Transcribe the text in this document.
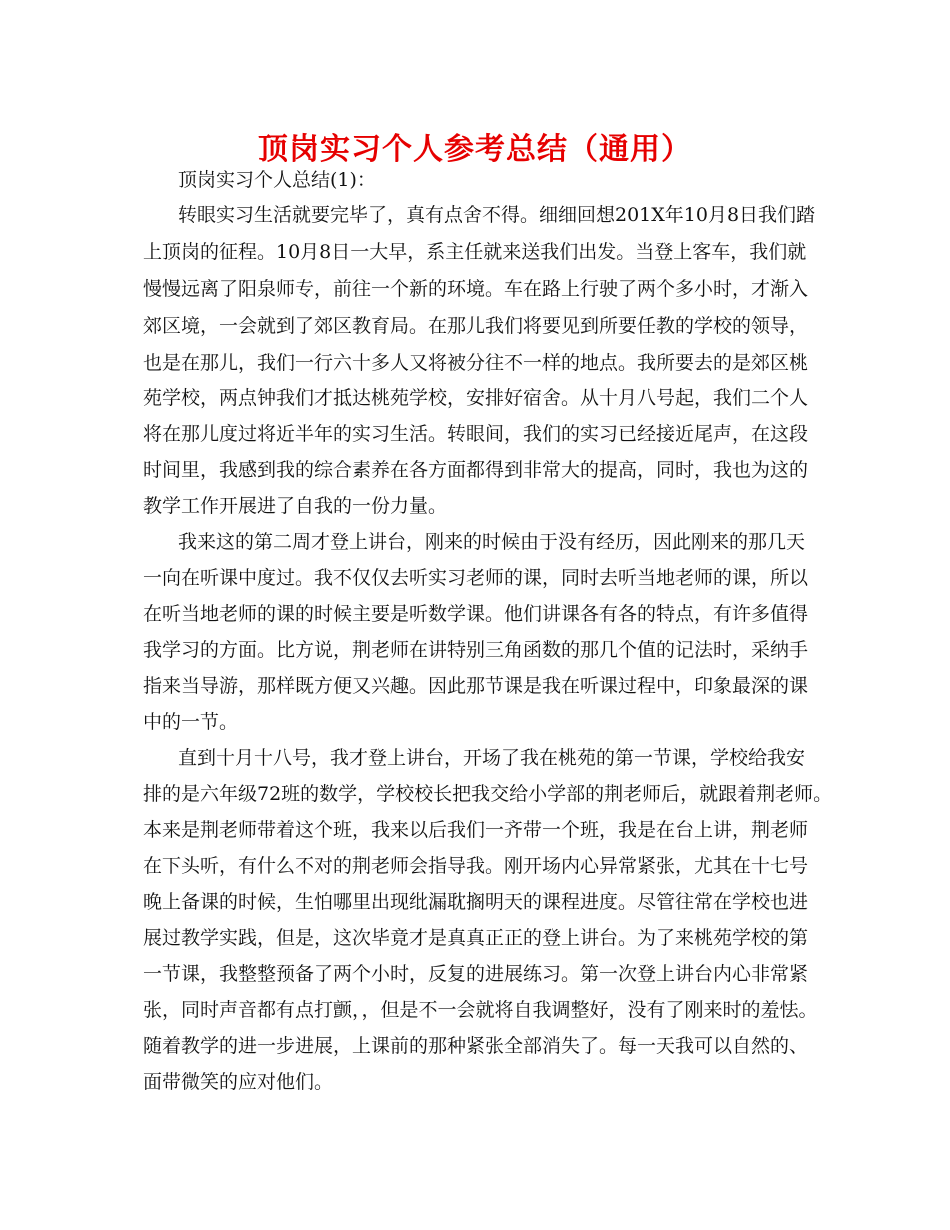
顶岗实习个人参考总结（通用）
顶岗实习个人总结(1)：
转眼实习生活就要完毕了，真有点舍不得。细细回想201X年10月8日我们踏
上顶岗的征程。10月8日一大早，系主任就来送我们出发。当登上客车，我们就
慢慢远离了阳泉师专，前往一个新的环境。车在路上行驶了两个多小时，才渐入
郊区境，一会就到了郊区教育局。在那儿我们将要见到所要任教的学校的领导，
也是在那儿，我们一行六十多人又将被分往不一样的地点。我所要去的是郊区桃
苑学校，两点钟我们才抵达桃苑学校，安排好宿舍。从十月八号起，我们二个人
将在那儿度过将近半年的实习生活。转眼间，我们的实习已经接近尾声，在这段
时间里，我感到我的综合素养在各方面都得到非常大的提高，同时，我也为这的
教学工作开展进了自我的一份力量。
我来这的第二周才登上讲台，刚来的时候由于没有经历，因此刚来的那几天
一向在听课中度过。我不仅仅去听实习老师的课，同时去听当地老师的课，所以
在听当地老师的课的时候主要是听数学课。他们讲课各有各的特点，有许多值得
我学习的方面。比方说，荆老师在讲特别三角函数的那几个值的记法时，采纳手
指来当导游，那样既方便又兴趣。因此那节课是我在听课过程中，印象最深的课
中的一节。
直到十月十八号，我才登上讲台，开场了我在桃苑的第一节课，学校给我安
排的是六年级72班的数学，学校校长把我交给小学部的荆老师后，就跟着荆老师。
本来是荆老师带着这个班，我来以后我们一齐带一个班，我是在台上讲，荆老师
在下头听，有什么不对的荆老师会指导我。刚开场内心异常紧张，尤其在十七号
晚上备课的时候，生怕哪里出现纰漏耽搁明天的课程进度。尽管往常在学校也进
展过教学实践，但是，这次毕竟才是真真正正的登上讲台。为了来桃苑学校的第
一节课，我整整预备了两个小时，反复的进展练习。第一次登上讲台内心非常紧
张，同时声音都有点打颤，，但是不一会就将自我调整好，没有了刚来时的羞怯。
随着教学的进一步进展，上课前的那种紧张全部消失了。每一天我可以自然的、
面带微笑的应对他们。
